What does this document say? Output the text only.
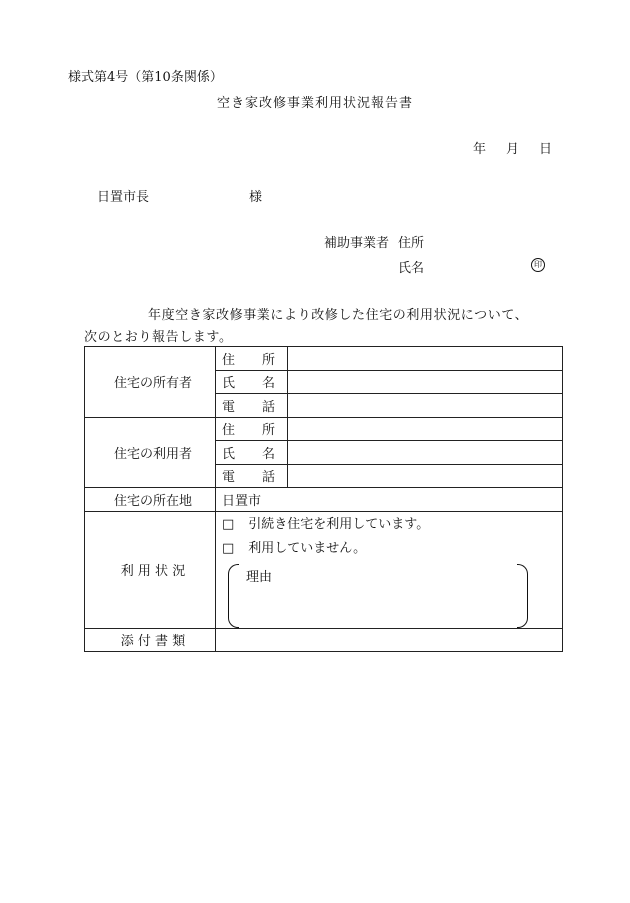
様式第4号（第10条関係）
空き家改修事業利用状況報告書
年 月 日
日置市長	様
補助事業者 住所
氏名	印
年度空き家改修事業により改修した住宅の利用状況について、
次のとおり報告します。
住宅の所有者	住 所	

	氏 名	

	電 話	

住宅の利用者	住 所	

	氏 名	

	電 話	

住宅の所在地	日置市	
利 用 状 況	□ 引続き住宅を利用しています。
□ 利用していません。
理由	

添 付 書 類		
